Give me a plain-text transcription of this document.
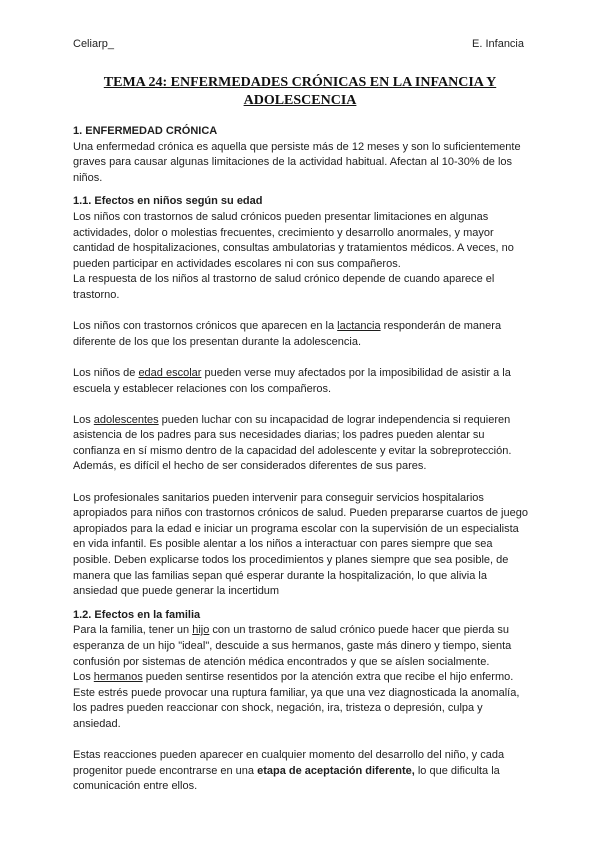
Celiarp_	E. Infancia
TEMA 24: ENFERMEDADES CRÓNICAS EN LA INFANCIA Y
ADOLESCENCIA

1. ENFERMEDAD CRÓNICA

Una enfermedad crónica es aquella que persiste más de 12 meses y son lo suficientemente graves para causar algunas limitaciones de la actividad habitual. Afectan al 10-30% de los niños.

1.1. Efectos en niños según su edad

Los niños con trastornos de salud crónicos pueden presentar limitaciones en algunas actividades, dolor o molestias frecuentes, crecimiento y desarrollo anormales, y mayor cantidad de hospitalizaciones, consultas ambulatorias y tratamientos médicos. A veces, no pueden participar en actividades escolares ni con sus compañeros.

La respuesta de los niños al trastorno de salud crónico depende de cuando aparece el trastorno.

Los niños con trastornos crónicos que aparecen en la lactancia responderán de manera diferente de los que los presentan durante la adolescencia.

Los niños de edad escolar pueden verse muy afectados por la imposibilidad de asistir a la escuela y establecer relaciones con los compañeros.

Los adolescentes pueden luchar con su incapacidad de lograr independencia si requieren asistencia de los padres para sus necesidades diarias; los padres pueden alentar su confianza en sí mismo dentro de la capacidad del adolescente y evitar la sobreprotección. Además, es difícil el hecho de ser considerados diferentes de sus pares.

Los profesionales sanitarios pueden intervenir para conseguir servicios hospitalarios apropiados para niños con trastornos crónicos de salud. Pueden prepararse cuartos de juego apropiados para la edad e iniciar un programa escolar con la supervisión de un especialista en vida infantil. Es posible alentar a los niños a interactuar con pares siempre que sea posible. Deben explicarse todos los procedimientos y planes siempre que sea posible, de manera que las familias sepan qué esperar durante la hospitalización, lo que alivia la ansiedad que puede generar la incertidum

1.2. Efectos en la familia

Para la familia, tener un hijo con un trastorno de salud crónico puede hacer que pierda su esperanza de un hijo "ideal", descuide a sus hermanos, gaste más dinero y tiempo, sienta confusión por sistemas de atención médica encontrados y que se aíslen socialmente.

Los hermanos pueden sentirse resentidos por la atención extra que recibe el hijo enfermo.

Este estrés puede provocar una ruptura familiar, ya que una vez diagnosticada la anomalía, los padres pueden reaccionar con shock, negación, ira, tristeza o depresión, culpa y ansiedad.

Estas reacciones pueden aparecer en cualquier momento del desarrollo del niño, y cada progenitor puede encontrarse en una etapa de aceptación diferente, lo que dificulta la comunicación entre ellos.
